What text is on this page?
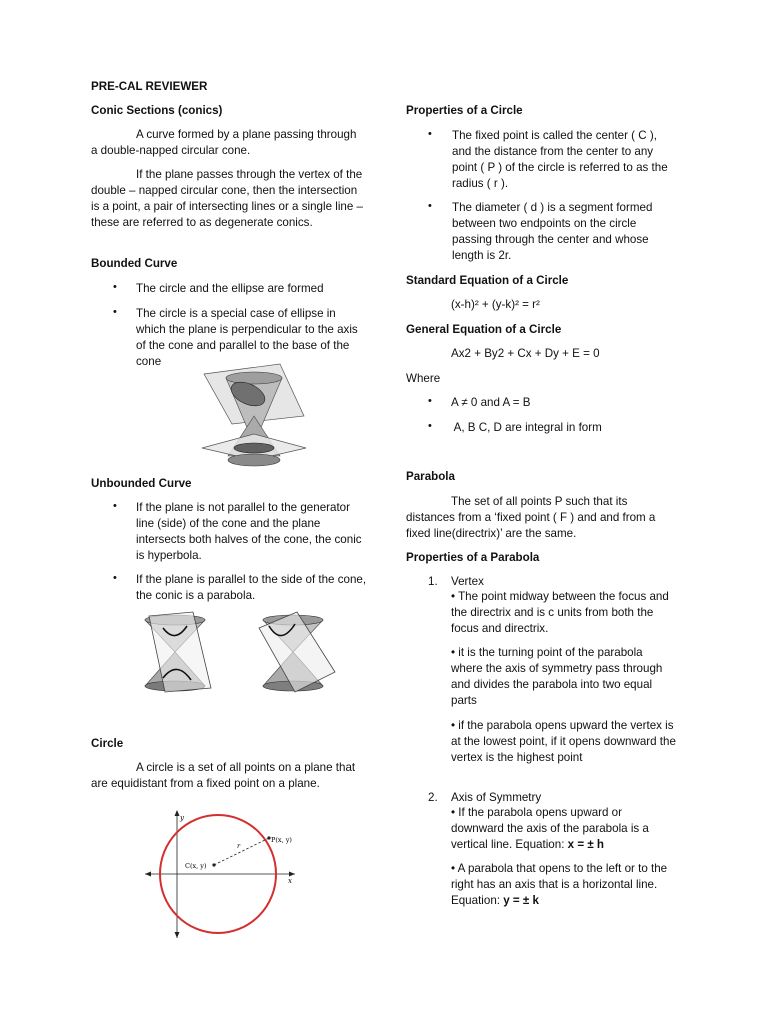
PRE-CAL REVIEWER

Conic Sections (conics)

A curve formed by a plane passing through a double-napped circular cone.

If the plane passes through the vertex of the double – napped circular cone, then the intersection is a point, a pair of intersecting lines or a single line – these are referred to as degenerate conics.

Bounded Curve

• The circle and the ellipse are formed

• The circle is a special case of ellipse in which the plane is perpendicular to the axis of the cone and parallel to the base of the cone

Unbounded Curve

• If the plane is not parallel to the generator line (side) of the cone and the plane intersects both halves of the cone, the conic is hyperbola.

• If the plane is parallel to the side of the cone, the conic is a parabola.

Circle

A circle is a set of all points on a plane that are equidistant from a fixed point on a plane.

y
x
C(x, y)
P(x, y)
r

Properties of a Circle

• The fixed point is called the center ( C ), and the distance from the center to any point ( P ) of the circle is referred to as the radius ( r ).

• The diameter ( d ) is a segment formed between two endpoints on the circle passing through the center and whose length is 2r.

Standard Equation of a Circle

(x-h)² + (y-k)² = r²

General Equation of a Circle

Ax2 + By2 + Cx + Dy + E = 0

Where

• A ≠ 0 and A = B

• A, B C, D are integral in form

Parabola

The set of all points P such that its distances from a ‘fixed point ( F ) and and from a fixed line(directrix)’ are the same.

Properties of a Parabola

1. Vertex

• The point midway between the focus and the directrix and is c units from both the focus and directrix.

• it is the turning point of the parabola where the axis of symmetry pass through and divides the parabola into two equal parts

• if the parabola opens upward the vertex is at the lowest point, if it opens downward the vertex is the highest point

2. Axis of Symmetry

• If the parabola opens upward or downward the axis of the parabola is a vertical line. Equation: x = ± h

• A parabola that opens to the left or to the right has an axis that is a horizontal line. Equation: y = ± k
